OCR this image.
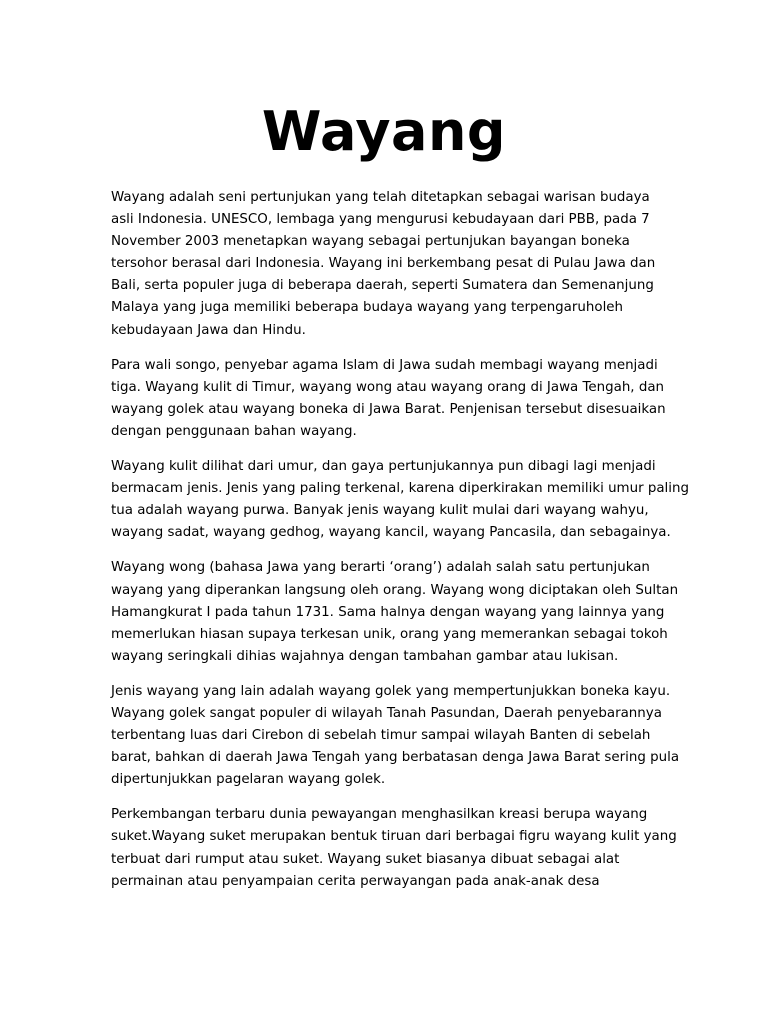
Wayang

Wayang adalah seni pertunjukan yang telah ditetapkan sebagai warisan budaya
asli Indonesia. UNESCO, lembaga yang mengurusi kebudayaan dari PBB, pada 7
November 2003 menetapkan wayang sebagai pertunjukan bayangan boneka
tersohor berasal dari Indonesia. Wayang ini berkembang pesat di Pulau Jawa dan
Bali, serta populer juga di beberapa daerah, seperti Sumatera dan Semenanjung
Malaya yang juga memiliki beberapa budaya wayang yang terpengaruholeh
kebudayaan Jawa dan Hindu.

Para wali songo, penyebar agama Islam di Jawa sudah membagi wayang menjadi
tiga. Wayang kulit di Timur, wayang wong atau wayang orang di Jawa Tengah, dan
wayang golek atau wayang boneka di Jawa Barat. Penjenisan tersebut disesuaikan
dengan penggunaan bahan wayang.

Wayang kulit dilihat dari umur, dan gaya pertunjukannya pun dibagi lagi menjadi
bermacam jenis. Jenis yang paling terkenal, karena diperkirakan memiliki umur paling
tua adalah wayang purwa. Banyak jenis wayang kulit mulai dari wayang wahyu,
wayang sadat, wayang gedhog, wayang kancil, wayang Pancasila, dan sebagainya.

Wayang wong (bahasa Jawa yang berarti ‘orang’) adalah salah satu pertunjukan
wayang yang diperankan langsung oleh orang. Wayang wong diciptakan oleh Sultan
Hamangkurat I pada tahun 1731. Sama halnya dengan wayang yang lainnya yang
memerlukan hiasan supaya terkesan unik, orang yang memerankan sebagai tokoh
wayang seringkali dihias wajahnya dengan tambahan gambar atau lukisan.

Jenis wayang yang lain adalah wayang golek yang mempertunjukkan boneka kayu.
Wayang golek sangat populer di wilayah Tanah Pasundan, Daerah penyebarannya
terbentang luas dari Cirebon di sebelah timur sampai wilayah Banten di sebelah
barat, bahkan di daerah Jawa Tengah yang berbatasan denga Jawa Barat sering pula
dipertunjukkan pagelaran wayang golek.

Perkembangan terbaru dunia pewayangan menghasilkan kreasi berupa wayang
suket.Wayang suket merupakan bentuk tiruan dari berbagai figru wayang kulit yang
terbuat dari rumput atau suket. Wayang suket biasanya dibuat sebagai alat
permainan atau penyampaian cerita perwayangan pada anak-anak desa
